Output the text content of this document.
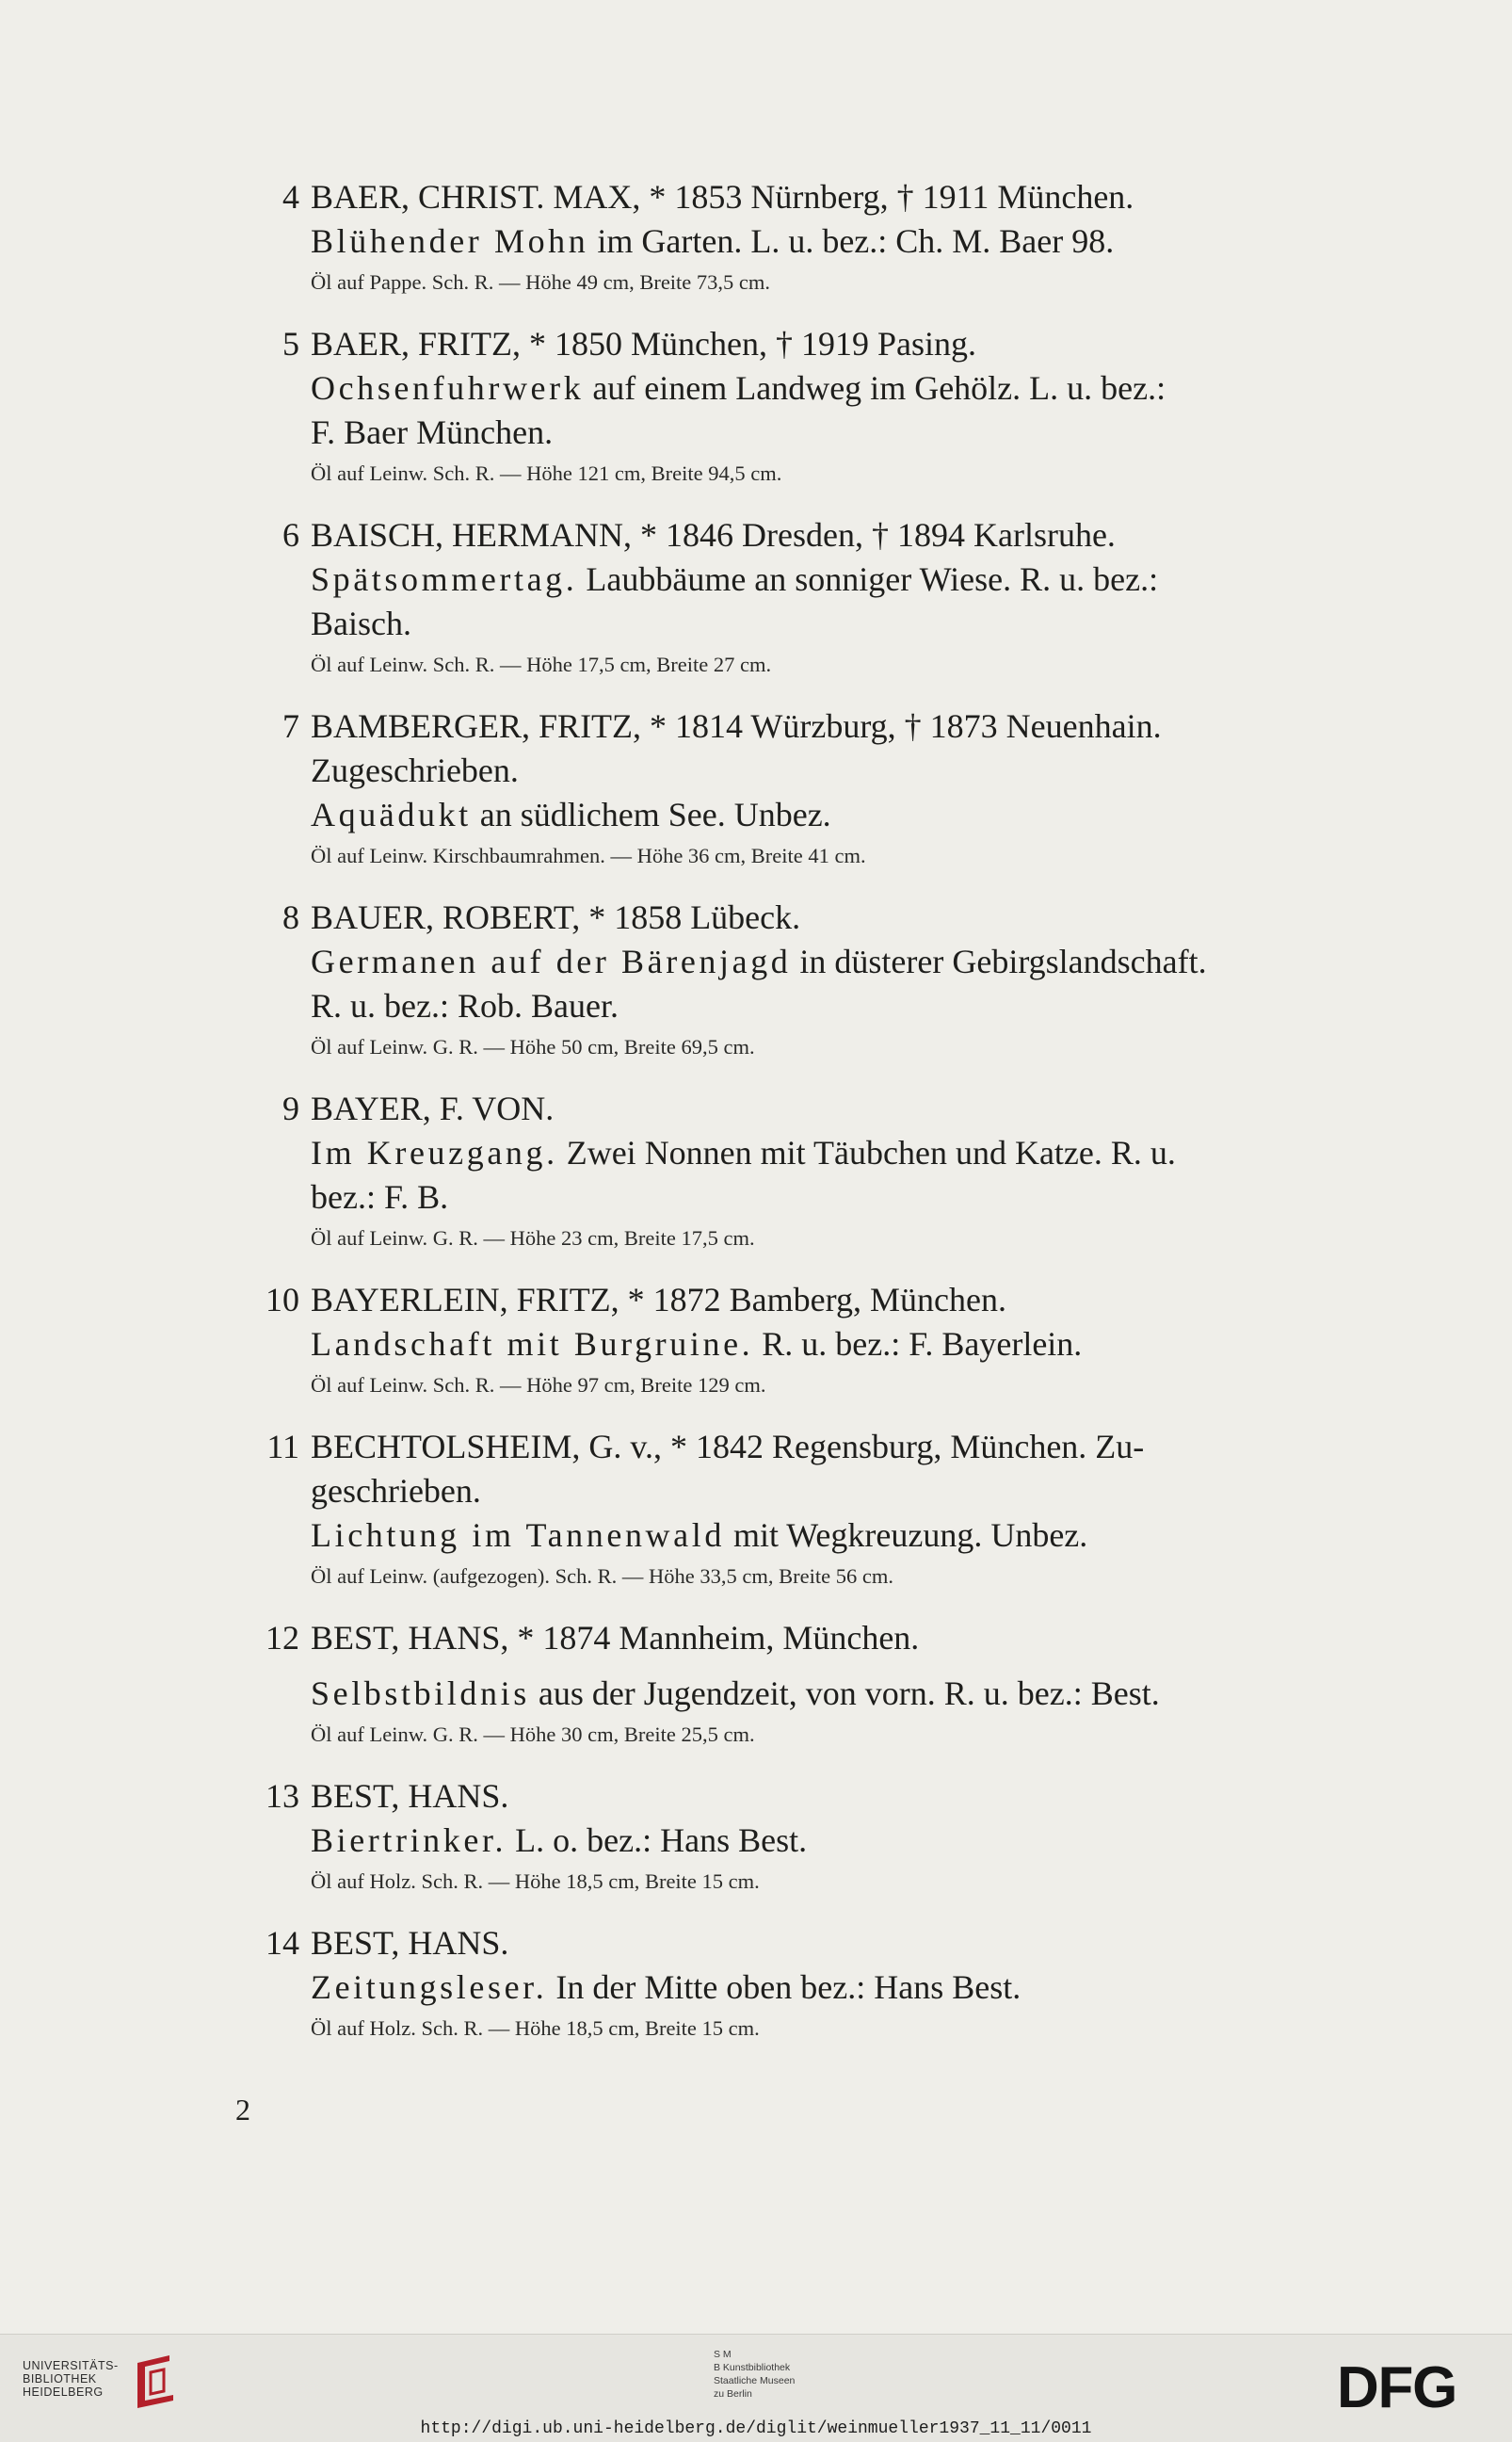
4 BAER, CHRIST. MAX, * 1853 Nürnberg, † 1911 München.
Blühender Mohn im Garten. L. u. bez.: Ch. M. Baer 98.
Öl auf Pappe. Sch. R. — Höhe 49 cm, Breite 73,5 cm.
5 BAER, FRITZ, * 1850 München, † 1919 Pasing.
Ochsenfuhrwerk auf einem Landweg im Gehölz. L. u. bez.:
F. Baer München.
Öl auf Leinw. Sch. R. — Höhe 121 cm, Breite 94,5 cm.
6 BAISCH, HERMANN, * 1846 Dresden, † 1894 Karlsruhe.
Spätsommertag. Laubbäume an sonniger Wiese. R. u. bez.:
Baisch.
Öl auf Leinw. Sch. R. — Höhe 17,5 cm, Breite 27 cm.
7 BAMBERGER, FRITZ, * 1814 Würzburg, † 1873 Neuenhain.
Zugeschrieben.
Aquädukt an südlichem See. Unbez.
Öl auf Leinw. Kirschbaumrahmen. — Höhe 36 cm, Breite 41 cm.
8 BAUER, ROBERT, * 1858 Lübeck.
Germanen auf der Bärenjagd in düsterer Gebirgslandschaft.
R. u. bez.: Rob. Bauer.
Öl auf Leinw. G. R. — Höhe 50 cm, Breite 69,5 cm.
9 BAYER, F. VON.
Im Kreuzgang. Zwei Nonnen mit Täubchen und Katze. R. u.
bez.: F. B.
Öl auf Leinw. G. R. — Höhe 23 cm, Breite 17,5 cm.
10 BAYERLEIN, FRITZ, * 1872 Bamberg, München.
Landschaft mit Burgruine. R. u. bez.: F. Bayerlein.
Öl auf Leinw. Sch. R. — Höhe 97 cm, Breite 129 cm.
11 BECHTOLSHEIM, G. v., * 1842 Regensburg, München. Zu-
geschrieben.
Lichtung im Tannenwald mit Wegkreuzung. Unbez.
Öl auf Leinw. (aufgezogen). Sch. R. — Höhe 33,5 cm, Breite 56 cm.
12 BEST, HANS, * 1874 Mannheim, München.
Selbstbildnis aus der Jugendzeit, von vorn. R. u. bez.: Best.
Öl auf Leinw. G. R. — Höhe 30 cm, Breite 25,5 cm.
13 BEST, HANS.
Biertrinker. L. o. bez.: Hans Best.
Öl auf Holz. Sch. R. — Höhe 18,5 cm, Breite 15 cm.
14 BEST, HANS.
Zeitungsleser. In der Mitte oben bez.: Hans Best.
Öl auf Holz. Sch. R. — Höhe 18,5 cm, Breite 15 cm.
2
UNIVERSITÄTS-
BIBLIOTHEK
HEIDELBERG
S M
B Kunstbibliothek
Staatliche Museen
zu Berlin	DFG
http://digi.ub.uni-heidelberg.de/diglit/weinmueller1937_11_11/0011
